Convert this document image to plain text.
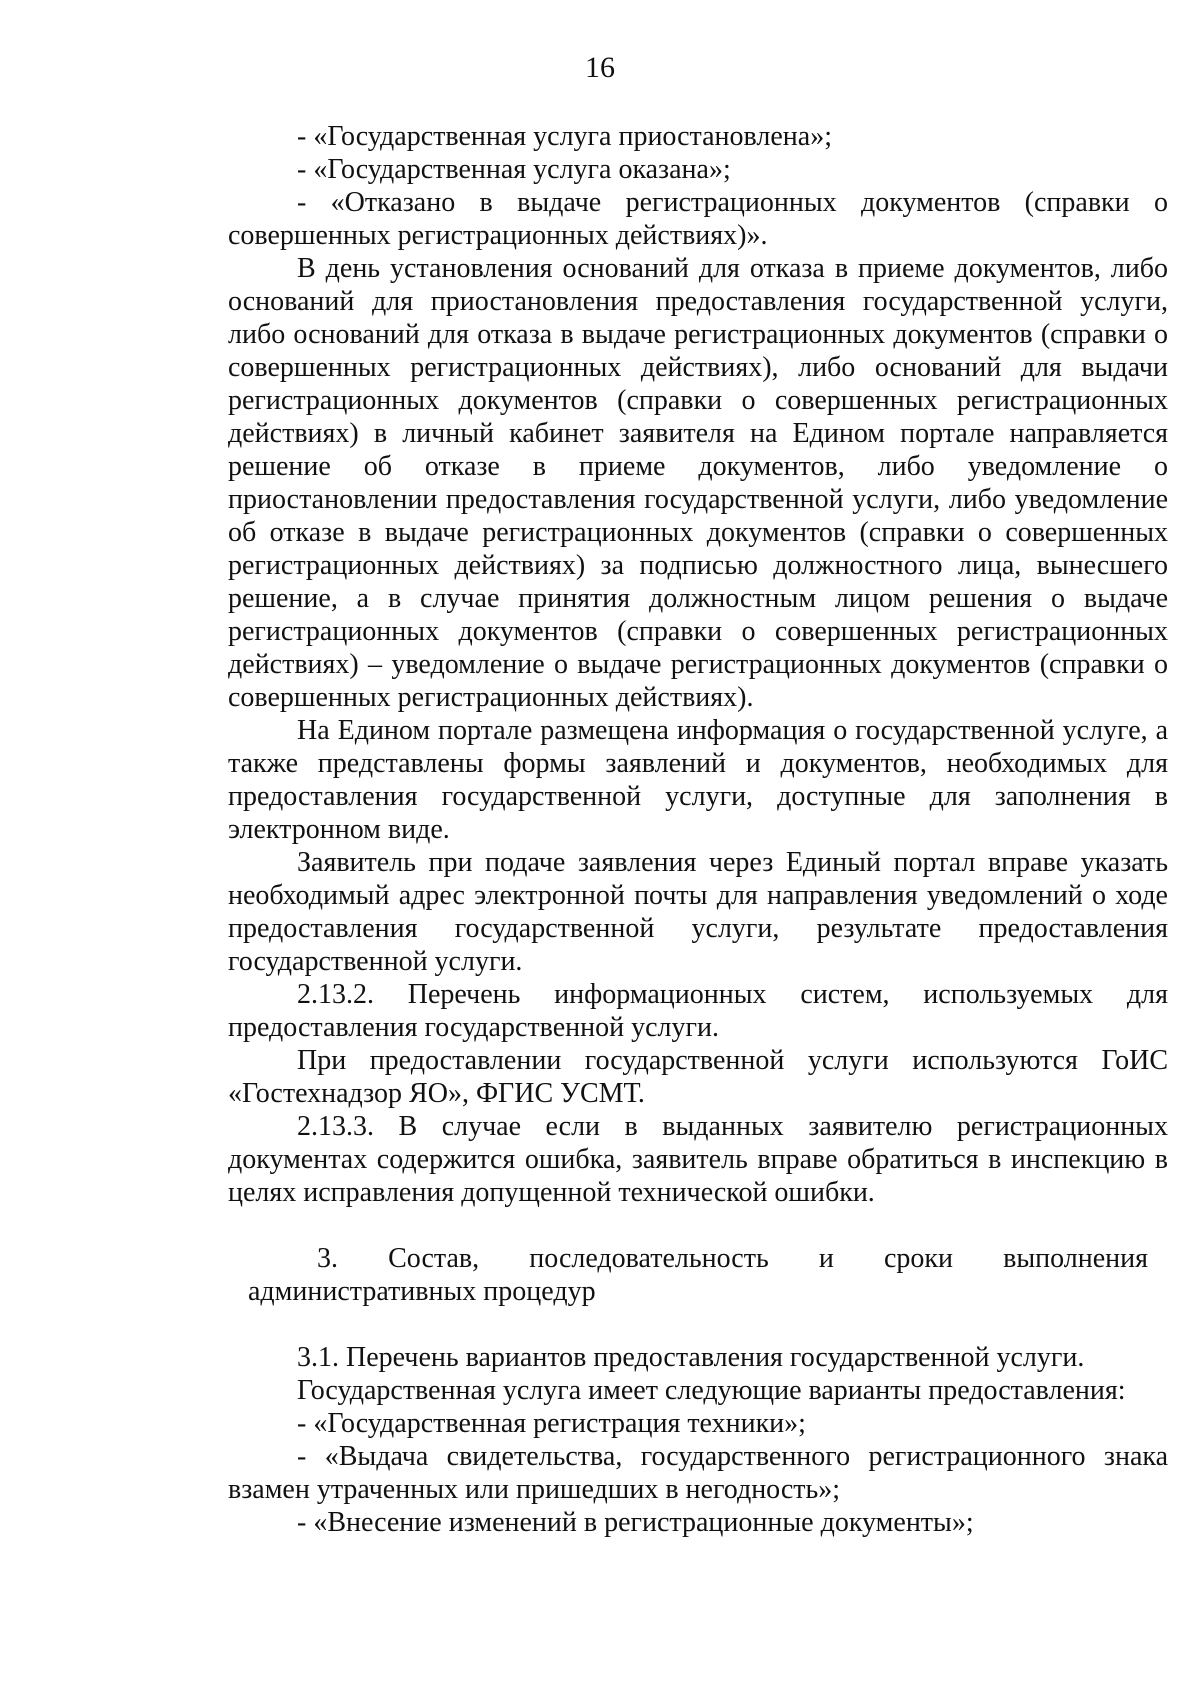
16

- «Государственная услуга приостановлена»;

- «Государственная услуга оказана»;

- «Отказано в выдаче регистрационных документов (справки о совершенных регистрационных действиях)».

В день установления оснований для отказа в приеме документов, либо оснований для приостановления предоставления государственной услуги, либо оснований для отказа в выдаче регистрационных документов (справки о совершенных регистрационных действиях), либо оснований для выдачи регистрационных документов (справки о совершенных регистрационных действиях) в личный кабинет заявителя на Едином портале направляется решение об отказе в приеме документов, либо уведомление о приостановлении предоставления государственной услуги, либо уведомление об отказе в выдаче регистрационных документов (справки о совершенных регистрационных действиях) за подписью должностного лица, вынесшего решение, а в случае принятия должностным лицом решения о выдаче регистрационных документов (справки о совершенных регистрационных действиях) – уведомление о выдаче регистрационных документов (справки о совершенных регистрационных действиях).

На Едином портале размещена информация о государственной услуге, а также представлены формы заявлений и документов, необходимых для предоставления государственной услуги, доступные для заполнения в электронном виде.

Заявитель при подаче заявления через Единый портал вправе указать необходимый адрес электронной почты для направления уведомлений о ходе предоставления государственной услуги, результате предоставления государственной услуги.

2.13.2. Перечень информационных систем, используемых для предоставления государственной услуги.

При предоставлении государственной услуги используются ГоИС «Гостехнадзор ЯО», ФГИС УСМТ.

2.13.3. В случае если в выданных заявителю регистрационных документах содержится ошибка, заявитель вправе обратиться в инспекцию в целях исправления допущенной технической ошибки.

3. Состав, последовательность и сроки выполнения административных процедур

3.1. Перечень вариантов предоставления государственной услуги.

Государственная услуга имеет следующие варианты предоставления:

- «Государственная регистрация техники»;

- «Выдача свидетельства, государственного регистрационного знака взамен утраченных или пришедших в негодность»;

- «Внесение изменений в регистрационные документы»;
